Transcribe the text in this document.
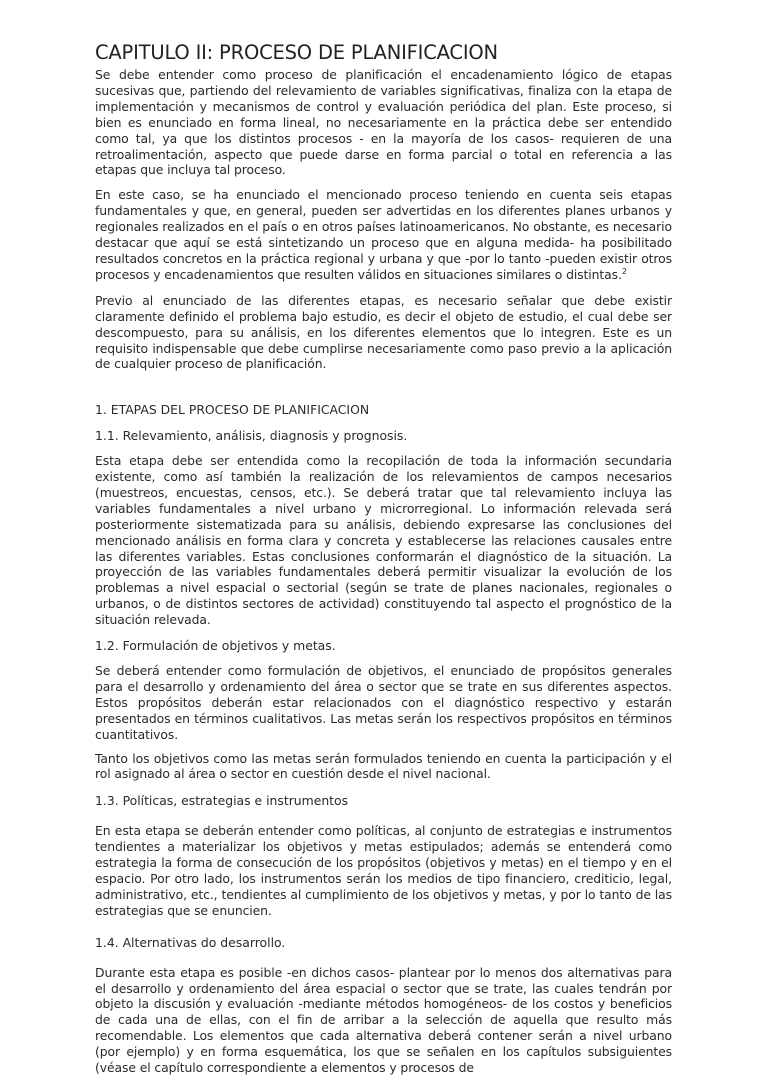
CAPITULO II: PROCESO DE PLANIFICACION

Se debe entender como proceso de planificación el encadenamiento lógico de etapas sucesivas que, partiendo del relevamiento de variables significativas, finaliza con la etapa de implementación y mecanismos de control y evaluación periódica del plan. Este proceso, si bien es enunciado en forma lineal, no necesariamente en la práctica debe ser entendido como tal, ya que los distintos procesos - en la mayoría de los casos- requieren de una retroalimentación, aspecto que puede darse en forma parcial o total en referencia a las etapas que incluya tal proceso.

En este caso, se ha enunciado el mencionado proceso teniendo en cuenta seis etapas fundamentales y que, en general, pueden ser advertidas en los diferentes planes urbanos y regionales realizados en el país o en otros países latinoamericanos. No obstante, es necesario destacar que aquí se está sintetizando un proceso que en alguna medida- ha posibilitado resultados concretos en la práctica regional y urbana y que -por lo tanto -pueden existir otros procesos y encadenamientos que resulten válidos en situaciones similares o distintas.$^2$

Previo al enunciado de las diferentes etapas, es necesario señalar que debe existir claramente definido el problema bajo estudio, es decir el objeto de estudio, el cual debe ser descompuesto, para su análisis, en los diferentes elementos que lo integren. Este es un requisito indispensable que debe cumplirse necesariamente como paso previo a la aplicación de cualquier proceso de planificación.

1. ETAPAS DEL PROCESO DE PLANIFICACION

1.1. Relevamiento, análisis, diagnosis y prognosis.

Esta etapa debe ser entendida como la recopilación de toda la información secundaria existente, como así también la realización de los relevamientos de campos necesarios (muestreos, encuestas, censos, etc.). Se deberá tratar que tal relevamiento incluya las variables fundamentales a nivel urbano y microrregional. Lo información relevada será posteriormente sistematizada para su análisis, debiendo expresarse las conclusiones del mencionado análisis en forma clara y concreta y establecerse las relaciones causales entre las diferentes variables. Estas conclusiones conformarán el diagnóstico de la situación. La proyección de las variables fundamentales deberá permitir visualizar la evolución de los problemas a nivel espacial o sectorial (según se trate de planes nacionales, regionales o urbanos, o de distintos sectores de actividad) constituyendo tal aspecto el prognóstico de la situación relevada.

1.2. Formulación de objetivos y metas.

Se deberá entender como formulación de objetivos, el enunciado de propósitos generales para el desarrollo y ordenamiento del área o sector que se trate en sus diferentes aspectos. Estos propósitos deberán estar relacionados con el diagnóstico respectivo y estarán presentados en términos cualitativos. Las metas serán los respectivos propósitos en términos cuantitativos.

Tanto los objetivos como las metas serán formulados teniendo en cuenta la participación y el rol asignado al área o sector en cuestión desde el nivel nacional.

1.3. Políticas, estrategias e instrumentos

En esta etapa se deberán entender como políticas, al conjunto de estrategias e instrumentos tendientes a materializar los objetivos y metas estipulados; además se entenderá como estrategia la forma de consecución de los propósitos (objetivos y metas) en el tiempo y en el espacio. Por otro lado, los instrumentos serán los medios de tipo financiero, crediticio, legal, administrativo, etc., tendientes al cumplimiento de los objetivos y metas, y por lo tanto de las estrategias que se enuncien.

1.4. Alternativas do desarrollo.

Durante esta etapa es posible -en dichos casos- plantear por lo menos dos alternativas para el desarrollo y ordenamiento del área espacial o sector que se trate, las cuales tendrán por objeto la discusión y evaluación -mediante métodos homogéneos- de los costos y beneficios de cada una de ellas, con el fin de arribar a la selección de aquella que resulto más recomendable. Los elementos que cada alternativa deberá contener serán a nivel urbano (por ejemplo) y en forma esquemática, los que se señalen en los capítulos subsiguientes (véase el capítulo correspondiente a elementos y procesos de
